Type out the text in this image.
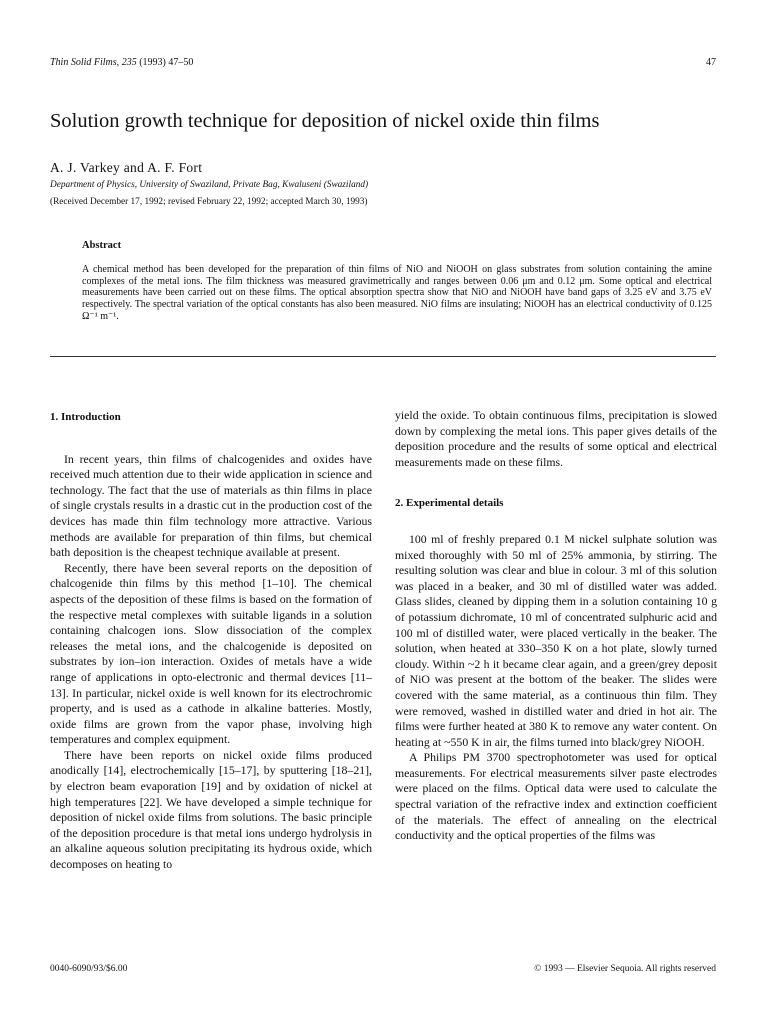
Thin Solid Films, 235 (1993) 47–50	47
Solution growth technique for deposition of nickel oxide thin films
A. J. Varkey and A. F. Fort
Department of Physics, University of Swaziland, Private Bag, Kwaluseni (Swaziland)
(Received December 17, 1992; revised February 22, 1992; accepted March 30, 1993)
Abstract

A chemical method has been developed for the preparation of thin films of NiO and NiOOH on glass substrates from solution containing the amine complexes of the metal ions. The film thickness was measured gravimetrically and ranges between 0.06 μm and 0.12 μm. Some optical and electrical measurements have been carried out on these films. The optical absorption spectra show that NiO and NiOOH have band gaps of 3.25 eV and 3.75 eV respectively. The spectral variation of the optical constants has also been measured. NiO films are insulating; NiOOH has an electrical conductivity of 0.125 Ω⁻¹ m⁻¹.

1. Introduction

In recent years, thin films of chalcogenides and oxides have received much attention due to their wide application in science and technology. The fact that the use of materials as thin films in place of single crystals results in a drastic cut in the production cost of the devices has made thin film technology more attractive. Various methods are available for preparation of thin films, but chemical bath deposition is the cheapest technique available at present.

Recently, there have been several reports on the deposition of chalcogenide thin films by this method [1–10]. The chemical aspects of the deposition of these films is based on the formation of the respective metal complexes with suitable ligands in a solution containing chalcogen ions. Slow dissociation of the complex releases the metal ions, and the chalcogenide is deposited on substrates by ion–ion interaction. Oxides of metals have a wide range of applications in opto-electronic and thermal devices [11–13]. In particular, nickel oxide is well known for its electrochromic property, and is used as a cathode in alkaline batteries. Mostly, oxide films are grown from the vapor phase, involving high temperatures and complex equipment.

There have been reports on nickel oxide films produced anodically [14], electrochemically [15–17], by sputtering [18–21], by electron beam evaporation [19] and by oxidation of nickel at high temperatures [22]. We have developed a simple technique for deposition of nickel oxide films from solutions. The basic principle of the deposition procedure is that metal ions undergo hydrolysis in an alkaline aqueous solution precipitating its hydrous oxide, which decomposes on heating to

yield the oxide. To obtain continuous films, precipitation is slowed down by complexing the metal ions. This paper gives details of the deposition procedure and the results of some optical and electrical measurements made on these films.

2. Experimental details

100 ml of freshly prepared 0.1 M nickel sulphate solution was mixed thoroughly with 50 ml of 25% ammonia, by stirring. The resulting solution was clear and blue in colour. 3 ml of this solution was placed in a beaker, and 30 ml of distilled water was added. Glass slides, cleaned by dipping them in a solution containing 10 g of potassium dichromate, 10 ml of concentrated sulphuric acid and 100 ml of distilled water, were placed vertically in the beaker. The solution, when heated at 330–350 K on a hot plate, slowly turned cloudy. Within ~2 h it became clear again, and a green/grey deposit of NiO was present at the bottom of the beaker. The slides were covered with the same material, as a continuous thin film. They were removed, washed in distilled water and dried in hot air. The films were further heated at 380 K to remove any water content. On heating at ~550 K in air, the films turned into black/grey NiOOH.

A Philips PM 3700 spectrophotometer was used for optical measurements. For electrical measurements silver paste electrodes were placed on the films. Optical data were used to calculate the spectral variation of the refractive index and extinction coefficient of the materials. The effect of annealing on the electrical conductivity and the optical properties of the films was

0040-6090/93/$6.00	© 1993 — Elsevier Sequoia. All rights reserved
